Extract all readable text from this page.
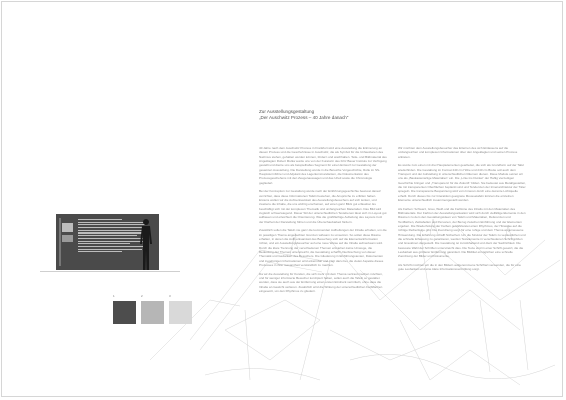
1	2	3
Zur Ausstellungsgestaltung
„Der Auschwitz Prozess – 40 Jahre danach“

40 Jahre nach dem Auschwitz Prozess in Frankfurt wird eine Ausstellung die Erinnerung an diesen Prozess und die Geschehnisse in Auschwitz, die als Symbol für die Unfassbaren des Nazimus stehen, gehalten werden können, fördern und wachhalten. Teile- und Bildmaterial des Angeklagten Robert Mulka wurde uns von der Kuratorin des Fritz Bauer Instituts zur Verfügung gestellt und diente uns als beispielhaftes Segment für einen Entwurf zur Gestaltung der gesamten Ausstellung. Die Darstellung wurde in die Bereiche Vorgeschichte, Rolle im SS-Hauptsturmführer und Adjutant des Lagerkommandanten, die Dokumentation des Prozessgeschehens mit den Zeugenaussagen und das Urteil sowie die Chronologie gegliedert.

Bei der Konzeption zur Gestaltung wurde nach der Einführungsgeschichte bewusst darauf verzichtet, dass diese Informationen Tafeln bestehen, die Ansprüche zu erfüllen haben. Erstens wollen wir die Aufmerksamkeit des Ausstellungsbesuchers auf sich lenken, und zweitens die Inhalte, die uns wichtig erscheinen, auf einen ganz Blick gut erfassbar. Es beschäftigt sich mit der komplexen Thematik und umfangreichen Materialien. Das Bild wird zugleich schwerwiegend. Dieser Stil der unterschiedlichen Textebenen lässt sich im Layout gut aufbauen und erleichtert die Orientierung. Wie die großflächige Aufteilung des Layouts trotz der Klarheit der Darstellung führen und die Überschaubarkeit fördern.

Zusätzlich sollen die Tafeln nie ganz die kommenden Aufhellungen der Inhalte erhalten, um die im jeweiligen Thema angedachten Grenzen wirksam zu umsetzen. So sollen diese Räume erhalten, in denen die Aufmerksamkeit des Besuchers sich auf die Elementarinformation richtet, und ein Ausstellungsbesucher auf eine neue Weise auf die Inhalte aufmerksam wird. Durch die klare Trennung der verschiedenen Themen entstehen keine Umwege, die Bedeutung der Themen unterstreicht, die Gestaltung schafft Unterbrechung von dieser Thematik und Gedanken des Besuchers. Die Gliederung in Einführungstexten, Dokumenten und zugehörigen Informationen wird erkennbar und trägt dazu bei, die vielen Aspekte dieses Prozesses in ihrer Gesamtheit verständlich zu machen.

Da wir die Ausstellung für Kunden, die sich mehr mit dem Thema vertraut machen möchten, und für weniger informierte Besucher konzipiert haben, sollen auch die Tafeln so gestaltet werden, dass sie auch aus der Entfernung einen ersten Eindruck vermitteln, ohne dass die Inhalte an Gewicht verlieren. Zusätzlich wird die Wirkung der unterschiedlichen Farbflächen eingesetzt, um den Rhythmus zu gliedern.

Wir möchten dem Ausstellungsbesucher das Erlernen des sich Einlassens auf die umfangreichen und komplexen Informationen über den Angeklagten und seinen Prozess anbieten.

Es wurde zum einen mit drei Hauptelementen gearbeitet, die sich als Grundform auf der Tafel wiederfinden. Die Gestaltung im Format 240 cm Höhe und 240 cm Breite soll auch dem Transport und der Aufstellung in unterschiedlichen Räumen dienen. Diese Module setzen wir uns als „Baukastenartige Materialien“ ein. Die „Linie ins Dunkel“ der Haftig vierzeitigen Geschichte bringen und „Transparenz für die Zukunft“ bilden. Sie bedeutet aus Metallgestellen, die mit transparenten Oberflächen beplankt sind und Tendenzen der Innenarchitektur der Täter spiegeln. Die transparente Bespannung wird vom Inneren durch eine dezente Lichtquelle erhellt. Durch dieses bis zur Interaktion geeignete Moussetafeln können die einzelnen Elemente unterschiedlich zusammengestellt werden.

Als Farben: Schwarz, Grau, Weiß und die Farbtöne des Inhalts mit den Materialien des Bildmaterials. Der Farbton der Ausstellungssituation wird sich durch vielfältige Elemente in den Räumen zu dem den Gestaltungsideen von Tafeln und Materialien, Referenzen und Textflächen, Zeittabellen und Personen, der Bezug zwischen Einführung und der Elementen ergeben. Die Wiederholung der Farben gewährleistet einen Rhythmus, der Hinweise auf die richtige Reihenfolge gibt. Die Zuordnung sorgt für eine ruhige und dem Thema angemessene Hinwendung. Die Erfahrung schafft Sicherheit. Um die Struktur der Tafeln zu verdeutlichen und die schnelle Erfassung zu garantieren, werden Textelemente in verschiedenen Schriftgrößen und Grautönen dargestellt. Die Gestaltung ist zurückhaltend und dient der Sachlichkeit. Die bewusste Wahl der Schriften unterstreicht dies. Die Texte sind in einer Schrift gesetzt, die die Lesbarkeit aus größerer Entfernung garantiert. Die Bildtitel ermöglichen eine schnelle Zuordnung der Bilder und Dokumente.

Als Schrift möchten wir die in den Bildern aufgenommene Schriftart verwenden, die für eine gute Lesbarkeit und eine klare Informationsvermittlung sorgt.
